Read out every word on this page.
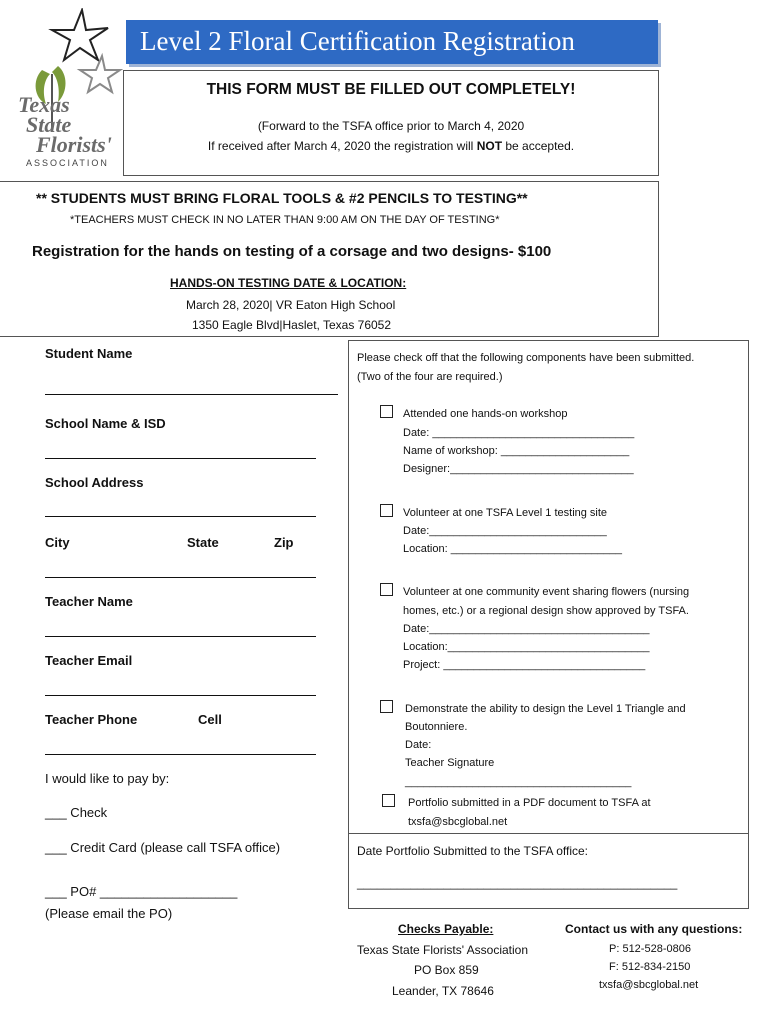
Texas
State
Florists'
ASSOCIATION
Level 2 Floral Certification Registration
THIS FORM MUST BE FILLED OUT COMPLETELY!
(Forward to the TSFA office prior to March 4, 2020
If received after March 4, 2020 the registration will NOT be accepted.
** STUDENTS MUST BRING FLORAL TOOLS & #2 PENCILS TO TESTING**
*TEACHERS MUST CHECK IN NO LATER THAN 9:00 AM ON THE DAY OF TESTING*
Registration for the hands on testing of a corsage and two designs- $100
HANDS-ON TESTING DATE & LOCATION:
March 28, 2020| VR Eaton High School
1350 Eagle Blvd|Haslet, Texas 76052
Student Name
School Name & ISD
School Address
City	State	Zip
Teacher Name
Teacher Email
Teacher Phone	Cell
I would like to pay by:
___ Check
___ Credit Card (please call TSFA office)
___ PO# ___________________
(Please email the PO)
Please check off that the following components have been submitted.
(Two of the four are required.)
Attended one hands-on workshop
Date: _________________________________
Name of workshop: _____________________
Designer:______________________________
Volunteer at one TSFA Level 1 testing site
Date:_____________________________
Location: ____________________________
Volunteer at one community event sharing flowers (nursing
homes, etc.) or a regional design show approved by TSFA.
Date:____________________________________
Location:_________________________________
Project: _________________________________
Demonstrate the ability to design the Level 1 Triangle and
Boutonniere.
Date:
Teacher Signature
_____________________________________
Portfolio submitted in a PDF document to TSFA at
txsfa@sbcglobal.net
Date Portfolio Submitted to the TSFA office:
________________________________________________
Checks Payable:
Texas State Florists' Association
PO Box 859
Leander, TX 78646
Contact us with any questions:
P: 512-528-0806
F: 512-834-2150
txsfa@sbcglobal.net
